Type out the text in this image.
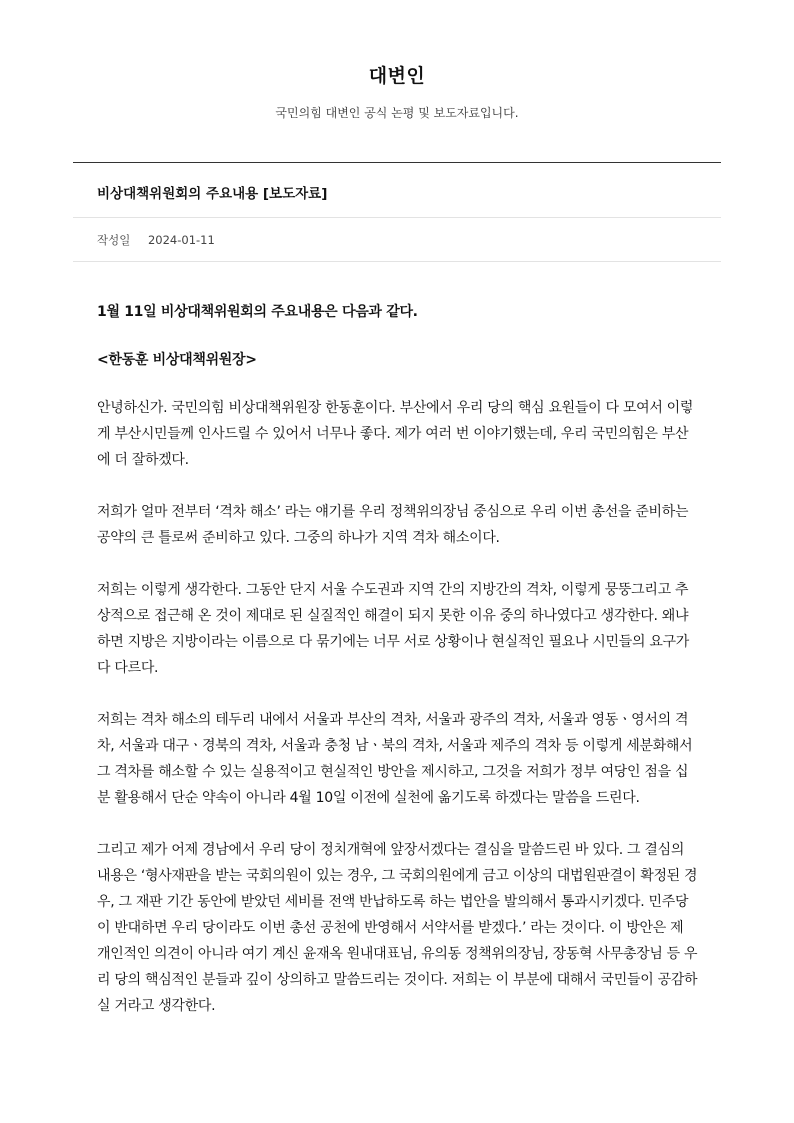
대변인
국민의힘 대변인 공식 논평 및 보도자료입니다.
비상대책위원회의 주요내용 [보도자료]
작성일 2024-01-11

1월 11일 비상대책위원회의 주요내용은 다음과 같다.

<한동훈 비상대책위원장>

안녕하신가. 국민의힘 비상대책위원장 한동훈이다. 부산에서 우리 당의 핵심 요원들이 다 모여서 이렇게 부산시민들께 인사드릴 수 있어서 너무나 좋다. 제가 여러 번 이야기했는데, 우리 국민의힘은 부산에 더 잘하겠다.

저희가 얼마 전부터 ‘격차 해소’ 라는 얘기를 우리 정책위의장님 중심으로 우리 이번 총선을 준비하는 공약의 큰 틀로써 준비하고 있다. 그중의 하나가 지역 격차 해소이다.

저희는 이렇게 생각한다. 그동안 단지 서울 수도권과 지역 간의 지방간의 격차, 이렇게 뭉뚱그리고 추상적으로 접근해 온 것이 제대로 된 실질적인 해결이 되지 못한 이유 중의 하나였다고 생각한다. 왜냐하면 지방은 지방이라는 이름으로 다 묶기에는 너무 서로 상황이나 현실적인 필요나 시민들의 요구가 다 다르다.

저희는 격차 해소의 테두리 내에서 서울과 부산의 격차, 서울과 광주의 격차, 서울과 영동ㆍ영서의 격차, 서울과 대구ㆍ경북의 격차, 서울과 충청 남ㆍ북의 격차, 서울과 제주의 격차 등 이렇게 세분화해서 그 격차를 해소할 수 있는 실용적이고 현실적인 방안을 제시하고, 그것을 저희가 정부 여당인 점을 십분 활용해서 단순 약속이 아니라 4월 10일 이전에 실천에 옮기도록 하겠다는 말씀을 드린다.

그리고 제가 어제 경남에서 우리 당이 정치개혁에 앞장서겠다는 결심을 말씀드린 바 있다. 그 결심의 내용은 ‘형사재판을 받는 국회의원이 있는 경우, 그 국회의원에게 금고 이상의 대법원판결이 확정된 경우, 그 재판 기간 동안에 받았던 세비를 전액 반납하도록 하는 법안을 발의해서 통과시키겠다. 민주당이 반대하면 우리 당이라도 이번 총선 공천에 반영해서 서약서를 받겠다.’ 라는 것이다. 이 방안은 제 개인적인 의견이 아니라 여기 계신 윤재옥 원내대표님, 유의동 정책위의장님, 장동혁 사무총장님 등 우리 당의 핵심적인 분들과 깊이 상의하고 말씀드리는 것이다. 저희는 이 부분에 대해서 국민들이 공감하실 거라고 생각한다.
